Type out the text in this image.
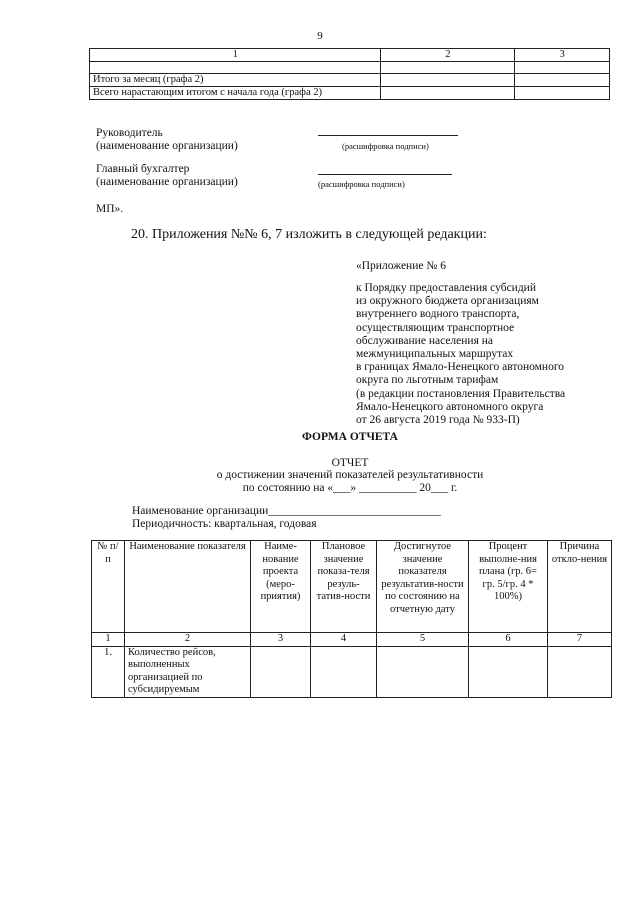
9
1	2	3

Итого за месяц (графа 2)		
Всего нарастающим итогом с начала года (графа 2)		
Руководитель
(наименование организации)	(расшифровка подписи)
Главный бухгалтер
(наименование организации)	(расшифровка подписи)
МП».
20. Приложения №№ 6, 7 изложить в следующей редакции:
«Приложение № 6
к Порядку предоставления субсидий
из окружного бюджета организациям
внутреннего водного транспорта,
осуществляющим транспортное
обслуживание населения на
межмуниципальных маршрутах
в границах Ямало-Ненецкого автономного
округа по льготным тарифам
(в редакции постановления Правительства
Ямало-Ненецкого автономного округа
от 26 августа 2019 года № 933-П)
ФОРМА ОТЧЕТА
ОТЧЕТ
о достижении значений показателей результативности
по состоянию на «___» __________ 20___ г.
Наименование организации______________________________
Периодичность: квартальная, годовая
№ п/п	Наименование показателя	Наиме-нование проекта (меро-приятия)	Плановое значение показа-теля резуль-татив-ности	Достигнутое значение показателя результатив-ности по состоянию на отчетную дату	Процент выполне-ния плана (гр. 6= гр. 5/гр. 4 * 100%)	Причина откло-нения
1	2	3	4	5	6	7
1.	Количество рейсов, выполненных организацией по субсидируемым					
